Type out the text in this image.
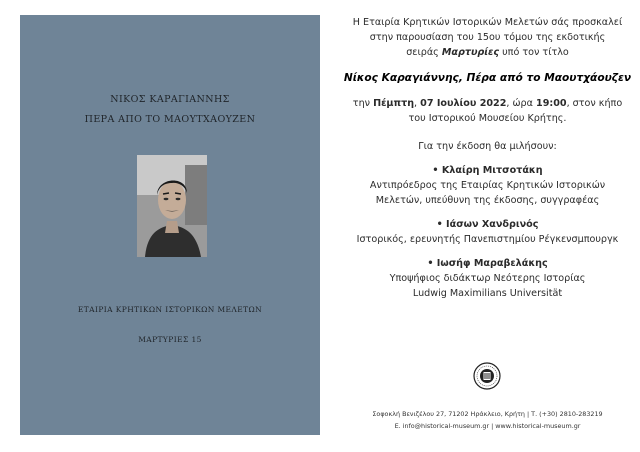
ΝΙΚΟΣ ΚΑΡΑΓΙΑΝΝΗΣ
ΠΕΡΑ ΑΠΟ ΤΟ ΜΑΟΥΤΧΑΟΥΖΕΝ
ΕΤΑΙΡΙΑ ΚΡΗΤΙΚΩΝ ΙΣΤΟΡΙΚΩΝ ΜΕΛΕΤΩΝ
ΜΑΡΤΥΡΙΕΣ 15
Η Εταιρία Κρητικών Ιστορικών Μελετών σάς προσκαλεί
στην παρουσίαση του 15ου τόμου της εκδοτικής
σειράς Μαρτυρίες υπό τον τίτλο
Νίκος Καραγιάννης, Πέρα από το Μαουτχάουζεν
την Πέμπτη, 07 Ιουλίου 2022, ώρα 19:00, στον κήπο
του Ιστορικού Μουσείου Κρήτης.
Για την έκδοση θα μιλήσουν:
• Κλαίρη Μιτσοτάκη
Αντιπρόεδρος της Εταιρίας Κρητικών Ιστορικών
Μελετών, υπεύθυνη της έκδοσης, συγγραφέας
• Ιάσων Χανδρινός
Ιστορικός, ερευνητής Πανεπιστημίου Ρέγκενσμπουργκ
• Ιωσήφ Μαραβελάκης
Υποψήφιος διδάκτωρ Νεότερης Ιστορίας
Ludwig Maximilians Universität
Σοφοκλή Βενιζέλου 27, 71202 Ηράκλειο, Κρήτη | Τ. (+30) 2810-283219
E. info@historical-museum.gr | www.historical-museum.gr
